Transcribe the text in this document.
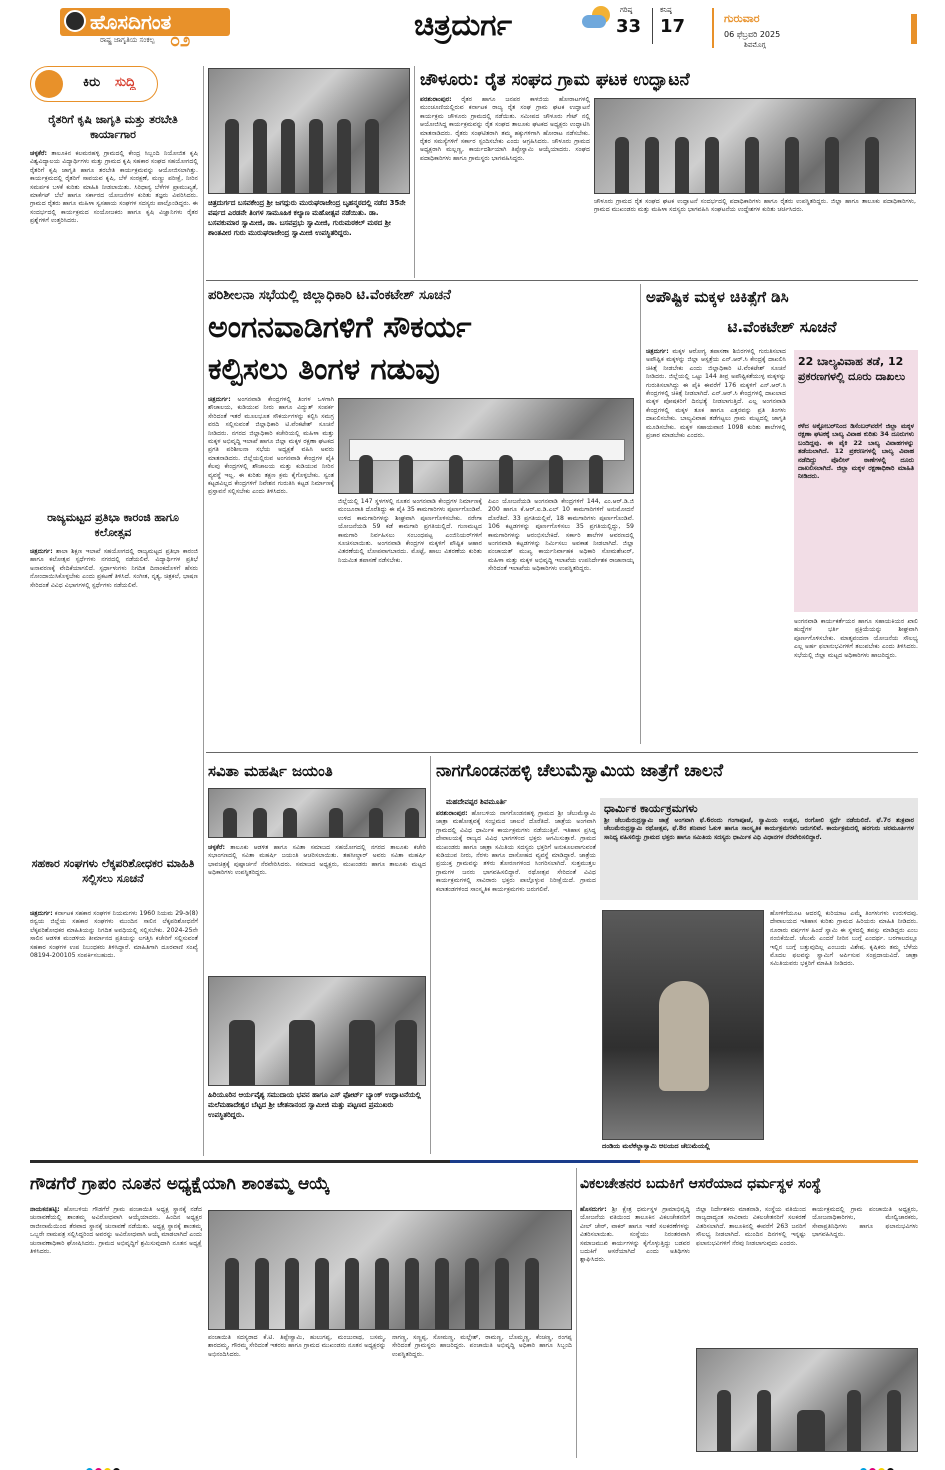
ಹೊಸದಿಗಂತ
ರಾಷ್ಟ್ರ ಜಾಗೃತಿಯ ಸಂಕಲ್ಪ ೦೨	ಚಿತ್ರದುರ್ಗ	ಗರಿಷ್ಠ
33
ಕನಿಷ್ಠ
17	ಗುರುವಾರ
06 ಫೆಬ್ರವರಿ 2025
ಶಿವಮೊಗ್ಗ
ಕಿರು ಸುದ್ದಿ
ರೈತರಿಗೆ ಕೃಷಿ ಜಾಗೃತಿ ಮತ್ತು ತರಬೇತಿ ಕಾರ್ಯಾಗಾರ
ಚಳ್ಳಕೆರೆ: ತಾಲೂಕಿನ ಕಲಮರಹಳ್ಳಿ ಗ್ರಾಮದಲ್ಲಿ ಕೇಂದ್ರ ಸಿಬ್ಬಂದಿ ನಿಯೋಜಿತ ಕೃಷಿ ವಿಶ್ವವಿದ್ಯಾಲಯ ವಿದ್ಯಾರ್ಥಿಗಳು ಮತ್ತು ಗ್ರಾಮದ ಕೃಷಿ ಸಹಕಾರ ಸಂಘದ ಸಹಯೋಗದಲ್ಲಿ ರೈತರಿಗೆ ಕೃಷಿ ಜಾಗೃತಿ ಹಾಗೂ ತರಬೇತಿ ಕಾರ್ಯಕ್ರಮವನ್ನು ಆಯೋಜಿಸಲಾಗಿತ್ತು. ಕಾರ್ಯಕ್ರಮದಲ್ಲಿ ರೈತರಿಗೆ ಸಾವಯವ ಕೃಷಿ, ಬೆಳೆ ಸಂರಕ್ಷಣೆ, ಮಣ್ಣು ಪರೀಕ್ಷೆ, ನೀರಿನ ಸಮರ್ಪಕ ಬಳಕೆ ಕುರಿತು ಮಾಹಿತಿ ನೀಡಲಾಯಿತು. ಸಿರಿಧಾನ್ಯ ಬೆಳೆಗಳ ಪ್ರಾಮುಖ್ಯತೆ, ಮಾರ್ಕೆಟ್ ಬೆಲೆ ಹಾಗೂ ಸರ್ಕಾರದ ಯೋಜನೆಗಳ ಕುರಿತು ತಜ್ಞರು ವಿವರಿಸಿದರು. ಗ್ರಾಮದ ರೈತರು ಹಾಗೂ ಮಹಿಳಾ ಸ್ವಸಹಾಯ ಸಂಘಗಳ ಸದಸ್ಯರು ಪಾಲ್ಗೊಂಡಿದ್ದರು. ಈ ಸಂದರ್ಭದಲ್ಲಿ ಕಾರ್ಯಕ್ರಮದ ಸಂಯೋಜಕರು ಹಾಗೂ ಕೃಷಿ ವಿಜ್ಞಾನಿಗಳು ರೈತರ ಪ್ರಶ್ನೆಗಳಿಗೆ ಉತ್ತರಿಸಿದರು.
ರಾಜ್ಯಮಟ್ಟದ ಪ್ರತಿಭಾ ಕಾರಂಜಿ ಹಾಗೂ ಕಲೋತ್ಸವ
ಚಿತ್ರದುರ್ಗ: ಶಾಲಾ ಶಿಕ್ಷಣ ಇಲಾಖೆ ಸಹಯೋಗದಲ್ಲಿ ರಾಜ್ಯಮಟ್ಟದ ಪ್ರತಿಭಾ ಕಾರಂಜಿ ಹಾಗೂ ಕಲೋತ್ಸವ ಸ್ಪರ್ಧೆಗಳು ನಗರದಲ್ಲಿ ನಡೆಯಲಿವೆ. ವಿದ್ಯಾರ್ಥಿಗಳ ಪ್ರತಿಭೆ ಅನಾವರಣಕ್ಕೆ ವೇದಿಕೆಯಾಗಲಿದೆ. ಸ್ಪರ್ಧಾಳುಗಳು ನಿಗದಿತ ದಿನಾಂಕದೊಳಗೆ ಹೆಸರು ನೋಂದಾಯಿಸಿಕೊಳ್ಳಬೇಕು ಎಂದು ಪ್ರಕಟಣೆ ತಿಳಿಸಿದೆ. ಸಂಗೀತ, ನೃತ್ಯ, ಚಿತ್ರಕಲೆ, ಭಾಷಣ ಸೇರಿದಂತೆ ವಿವಿಧ ವಿಭಾಗಗಳಲ್ಲಿ ಸ್ಪರ್ಧೆಗಳು ನಡೆಯಲಿವೆ.
ಸಹಕಾರ ಸಂಘಗಳು ಲೆಕ್ಕಪರಿಶೋಧಕರ ಮಾಹಿತಿ ಸಲ್ಲಿಸಲು ಸೂಚನೆ
ಚಿತ್ರದುರ್ಗ: ಕರ್ನಾಟಕ ಸಹಕಾರ ಸಂಘಗಳ ನಿಯಮಗಳು 1960 ನಿಯಮ 29-ಡಿ(8) ರನ್ವಯ ಜಿಲ್ಲೆಯ ಸಹಕಾರ ಸಂಘಗಳು ಮುಂದಿನ ಸಾಲಿನ ಲೆಕ್ಕಪರಿಶೋಧನೆಗೆ ಲೆಕ್ಕಪರಿಶೋಧಕರ ಮಾಹಿತಿಯನ್ನು ನಿಗದಿತ ಅವಧಿಯಲ್ಲಿ ಸಲ್ಲಿಸಬೇಕು. 2024-25ನೇ ಸಾಲಿನ ಆಡಳಿತ ಮಂಡಳಿಯ ತೀರ್ಮಾನದ ಪ್ರತಿಯನ್ನು ಲಗತ್ತಿಸಿ ಕಚೇರಿಗೆ ಸಲ್ಲಿಸುವಂತೆ ಸಹಕಾರ ಸಂಘಗಳ ಉಪ ನಿಬಂಧಕರು ತಿಳಿಸಿದ್ದಾರೆ. ಮಾಹಿತಿಗಾಗಿ ದೂರವಾಣಿ ಸಂಖ್ಯೆ 08194-200105 ಸಂಪರ್ಕಿಸಬಹುದು.
ಚಿತ್ರದುರ್ಗದ ಬಸವಕೇಂದ್ರ ಶ್ರೀ ಜಗದ್ಗುರು ಮುರುಘರಾಜೇಂದ್ರ ಬೃಹನ್ಮಠದಲ್ಲಿ ನಡೆದ 35ನೇ ವರ್ಷದ ಎರಡನೇ ತಿಂಗಳ ಸಾಮೂಹಿಕ ಕಲ್ಯಾಣ ಮಹೋತ್ಸವ ನಡೆಯಿತು. ಡಾ. ಬಸವಕುಮಾರ ಸ್ವಾಮೀಜಿ, ಡಾ. ಬಸವಪ್ರಭು ಸ್ವಾಮೀಜಿ, ಗುರುಮಠಕಲ್ ಮಠದ ಶ್ರೀ ಶಾಂತವೀರ ಗುರು ಮುರುಘರಾಜೇಂದ್ರ ಸ್ವಾಮೀಜಿ ಉಪಸ್ಥಿತರಿದ್ದರು.
ಚೌಳೂರು: ರೈತ ಸಂಘದ ಗ್ರಾಮ ಘಟಕ ಉದ್ಘಾಟನೆ
ಪರಶುರಾಂಪುರ: ರೈತರ ಹಾಗೂ ಜನಪರ ಕಾಳಜಿಯ ಹೋರಾಟಗಳಲ್ಲಿ ಮುಂಚೂಣಿಯಲ್ಲಿರುವ ಕರ್ನಾಟಕ ರಾಜ್ಯ ರೈತ ಸಂಘ ಗ್ರಾಮ ಘಟಕ ಉದ್ಘಾಟನೆ ಕಾರ್ಯಕ್ರಮ ಚೌಳೂರು ಗ್ರಾಮದಲ್ಲಿ ನಡೆಯಿತು. ಸಮೀಪದ ಚೌಳೂರು ಗೇಟ್ ನಲ್ಲಿ ಆಯೋಜಿಸಿದ್ದ ಕಾರ್ಯಕ್ರಮವನ್ನು ರೈತ ಸಂಘದ ತಾಲೂಕು ಘಟಕದ ಅಧ್ಯಕ್ಷರು ಉದ್ಘಾಟಿಸಿ ಮಾತನಾಡಿದರು. ರೈತರು ಸಂಘಟಿತರಾಗಿ ತಮ್ಮ ಹಕ್ಕುಗಳಿಗಾಗಿ ಹೋರಾಟ ನಡೆಸಬೇಕು. ರೈತರ ಸಮಸ್ಯೆಗಳಿಗೆ ಸರ್ಕಾರ ಸ್ಪಂದಿಸಬೇಕು ಎಂದು ಆಗ್ರಹಿಸಿದರು. ಚೌಳೂರು ಗ್ರಾಮದ ಅಧ್ಯಕ್ಷರಾಗಿ ಮಲ್ಲಣ್ಣ, ಕಾರ್ಯದರ್ಶಿಯಾಗಿ ತಿಪ್ಪೇಸ್ವಾಮಿ ಆಯ್ಕೆಯಾದರು. ಸಂಘದ ಪದಾಧಿಕಾರಿಗಳು ಹಾಗೂ ಗ್ರಾಮಸ್ಥರು ಭಾಗವಹಿಸಿದ್ದರು.
ಚೌಳೂರು ಗ್ರಾಮದ ರೈತ ಸಂಘದ ಘಟಕ ಉದ್ಘಾಟನೆ ಸಂದರ್ಭದಲ್ಲಿ ಪದಾಧಿಕಾರಿಗಳು ಹಾಗೂ ರೈತರು ಉಪಸ್ಥಿತರಿದ್ದರು. ಜಿಲ್ಲಾ ಹಾಗೂ ತಾಲೂಕು ಪದಾಧಿಕಾರಿಗಳು, ಗ್ರಾಮದ ಮುಖಂಡರು ಮತ್ತು ಮಹಿಳಾ ಸದಸ್ಯರು ಭಾಗವಹಿಸಿ ಸಂಘಟನೆಯ ಉದ್ದೇಶಗಳ ಕುರಿತು ಚರ್ಚಿಸಿದರು.
ಪರಿಶೀಲನಾ ಸಭೆಯಲ್ಲಿ ಜಿಲ್ಲಾಧಿಕಾರಿ ಟಿ.ವೆಂಕಟೇಶ್ ಸೂಚನೆ
ಅಂಗನವಾಡಿಗಳಿಗೆ ಸೌಕರ್ಯ
ಕಲ್ಪಿಸಲು ತಿಂಗಳ ಗಡುವು
ಚಿತ್ರದುರ್ಗ: ಅಂಗನವಾಡಿ ಕೇಂದ್ರಗಳಲ್ಲಿ ತಿಂಗಳ ಒಳಗಾಗಿ ಶೌಚಾಲಯ, ಕುಡಿಯುವ ನೀರು ಹಾಗೂ ವಿದ್ಯುತ್ ಸಂಪರ್ಕ ಸೇರಿದಂತೆ ಇತರೆ ಮೂಲಭೂತ ಸೌಕರ್ಯಗಳನ್ನು ಕಲ್ಪಿಸಿ ಸಮಗ್ರ ವರದಿ ಸಲ್ಲಿಸುವಂತೆ ಜಿಲ್ಲಾಧಿಕಾರಿ ಟಿ.ವೆಂಕಟೇಶ್ ಸೂಚನೆ ನೀಡಿದರು. ನಗರದ ಜಿಲ್ಲಾಧಿಕಾರಿ ಕಚೇರಿಯಲ್ಲಿ ಮಹಿಳಾ ಮತ್ತು ಮಕ್ಕಳ ಅಭಿವೃದ್ಧಿ ಇಲಾಖೆ ಹಾಗೂ ಜಿಲ್ಲಾ ಮಕ್ಕಳ ರಕ್ಷಣಾ ಘಟಕದ ಪ್ರಗತಿ ಪರಿಶೀಲನಾ ಸಭೆಯ ಅಧ್ಯಕ್ಷತೆ ವಹಿಸಿ ಅವರು ಮಾತನಾಡಿದರು. ಜಿಲ್ಲೆಯಲ್ಲಿರುವ ಅಂಗನವಾಡಿ ಕೇಂದ್ರಗಳ ಪೈಕಿ ಕೆಲವು ಕೇಂದ್ರಗಳಲ್ಲಿ ಶೌಚಾಲಯ ಮತ್ತು ಕುಡಿಯುವ ನೀರಿನ ವ್ಯವಸ್ಥೆ ಇಲ್ಲ. ಈ ಕುರಿತು ತಕ್ಷಣ ಕ್ರಮ ಕೈಗೊಳ್ಳಬೇಕು. ಸ್ವಂತ ಕಟ್ಟಡವಿಲ್ಲದ ಕೇಂದ್ರಗಳಿಗೆ ನಿವೇಶನ ಗುರುತಿಸಿ ಕಟ್ಟಡ ನಿರ್ಮಾಣಕ್ಕೆ ಪ್ರಸ್ತಾವನೆ ಸಲ್ಲಿಸಬೇಕು ಎಂದು ತಿಳಿಸಿದರು.
ಜಿಲ್ಲೆಯಲ್ಲಿ 147 ಸ್ಥಳಗಳಲ್ಲಿ ನೂತನ ಅಂಗನವಾಡಿ ಕೇಂದ್ರಗಳ ನಿರ್ಮಾಣಕ್ಕೆ ಮಂಜೂರಾತಿ ದೊರೆತಿದ್ದು ಈ ಪೈಕಿ 35 ಕಾಮಗಾರಿಗಳು ಪೂರ್ಣಗೊಂಡಿವೆ. ಉಳಿದ ಕಾಮಗಾರಿಗಳನ್ನು ಶೀಘ್ರವಾಗಿ ಪೂರ್ಣಗೊಳಿಸಬೇಕು. ನರೇಗಾ ಯೋಜನೆಯಡಿ 59 ಕಡೆ ಕಾಮಗಾರಿ ಪ್ರಗತಿಯಲ್ಲಿದೆ. ಗುಣಮಟ್ಟದ ಕಾಮಗಾರಿ ನಿರ್ವಹಿಸಲು ಸಂಬಂಧಪಟ್ಟ ಎಂಜಿನಿಯರ್‌ಗಳಿಗೆ ಸೂಚಿಸಲಾಯಿತು. ಅಂಗನವಾಡಿ ಕೇಂದ್ರಗಳ ಮಕ್ಕಳಿಗೆ ಪೌಷ್ಟಿಕ ಆಹಾರ ವಿತರಣೆಯಲ್ಲಿ ಲೋಪವಾಗಬಾರದು. ಮೊಟ್ಟೆ, ಹಾಲು ವಿತರಣೆಯ ಕುರಿತು ನಿಯಮಿತ ತಪಾಸಣೆ ನಡೆಸಬೇಕು.
ಪಿಎಂ ಯೋಜನೆಯಡಿ ಅಂಗನವಾಡಿ ಕೇಂದ್ರಗಳಿಗೆ 144, ಎಂ.ಆರ್.ಡಿ.ಜಿ 200 ಹಾಗೂ ಕೆ.ಆರ್.ಐ.ಡಿ.ಎಲ್ 10 ಕಾಮಗಾರಿಗಳಿಗೆ ಅನುಮೋದನೆ ದೊರೆತಿದೆ. 33 ಪ್ರಗತಿಯಲ್ಲಿವೆ, 18 ಕಾಮಗಾರಿಗಳು ಪೂರ್ಣಗೊಂಡಿವೆ. 106 ಕಟ್ಟಡಗಳನ್ನು ಪೂರ್ಣಗೊಳಿಸಲು 35 ಪ್ರಗತಿಯಲ್ಲಿದ್ದು, 59 ಕಾಮಗಾರಿಗಳನ್ನು ಆರಂಭಿಸಬೇಕಿದೆ. ಸರ್ಕಾರಿ ಶಾಲೆಗಳ ಆವರಣದಲ್ಲಿ ಅಂಗನವಾಡಿ ಕಟ್ಟಡಗಳನ್ನು ನಿರ್ಮಿಸಲು ಅವಕಾಶ ನೀಡಲಾಗಿದೆ. ಜಿಲ್ಲಾ ಪಂಚಾಯತ್ ಮುಖ್ಯ ಕಾರ್ಯನಿರ್ವಾಹಕ ಅಧಿಕಾರಿ ಸೋಮಶೇಖರ್, ಮಹಿಳಾ ಮತ್ತು ಮಕ್ಕಳ ಅಭಿವೃದ್ಧಿ ಇಲಾಖೆಯ ಉಪನಿರ್ದೇಶಕ ರಾಜಾನಾಯ್ಕ ಸೇರಿದಂತೆ ಇಲಾಖೆಯ ಅಧಿಕಾರಿಗಳು ಉಪಸ್ಥಿತರಿದ್ದರು.
ಅಪೌಷ್ಟಿಕ ಮಕ್ಕಳ ಚಿಕಿತ್ಸೆಗೆ ಡಿಸಿ
ಟಿ.ವೆಂಕಟೇಶ್ ಸೂಚನೆ
ಚಿತ್ರದುರ್ಗ: ಮಕ್ಕಳ ಆರೋಗ್ಯ ತಪಾಸಣಾ ಶಿಬಿರಗಳಲ್ಲಿ ಗುರುತಿಸಲಾದ ಅಪೌಷ್ಟಿಕ ಮಕ್ಕಳನ್ನು ಜಿಲ್ಲಾ ಆಸ್ಪತ್ರೆಯ ಎನ್.ಆರ್.ಸಿ ಕೇಂದ್ರಕ್ಕೆ ದಾಖಲಿಸಿ ಚಿಕಿತ್ಸೆ ನೀಡಬೇಕು ಎಂದು ಜಿಲ್ಲಾಧಿಕಾರಿ ಟಿ.ವೆಂಕಟೇಶ್ ಸೂಚನೆ ನೀಡಿದರು. ಜಿಲ್ಲೆಯಲ್ಲಿ ಒಟ್ಟು 144 ತೀವ್ರ ಅಪೌಷ್ಟಿಕತೆಯುಳ್ಳ ಮಕ್ಕಳನ್ನು ಗುರುತಿಸಲಾಗಿದ್ದು ಈ ಪೈಕಿ ಈವರೆಗೆ 176 ಮಕ್ಕಳಿಗೆ ಎನ್.ಆರ್.ಸಿ ಕೇಂದ್ರಗಳಲ್ಲಿ ಚಿಕಿತ್ಸೆ ನೀಡಲಾಗಿದೆ. ಎನ್.ಆರ್.ಸಿ ಕೇಂದ್ರಗಳಲ್ಲಿ ದಾಖಲಾದ ಮಕ್ಕಳ ಪೋಷಕರಿಗೆ ದಿನಭತ್ಯೆ ನೀಡಲಾಗುತ್ತಿದೆ. ಎಲ್ಲ ಅಂಗನವಾಡಿ ಕೇಂದ್ರಗಳಲ್ಲಿ ಮಕ್ಕಳ ತೂಕ ಹಾಗೂ ಎತ್ತರವನ್ನು ಪ್ರತಿ ತಿಂಗಳು ದಾಖಲಿಸಬೇಕು. ಬಾಲ್ಯವಿವಾಹ ತಡೆಗಟ್ಟಲು ಗ್ರಾಮ ಮಟ್ಟದಲ್ಲಿ ಜಾಗೃತಿ ಮೂಡಿಸಬೇಕು. ಮಕ್ಕಳ ಸಹಾಯವಾಣಿ 1098 ಕುರಿತು ಶಾಲೆಗಳಲ್ಲಿ ಪ್ರಚಾರ ಮಾಡಬೇಕು ಎಂದರು.
22 ಬಾಲ್ಯವಿವಾಹ ತಡೆ, 12 ಪ್ರಕರಣಗಳಲ್ಲಿ ದೂರು ದಾಖಲು
ಕಳೆದ ಅಕ್ಟೋಬರ್‌ನಿಂದ ಡಿಸೆಂಬರ್‌ವರೆಗೆ ಜಿಲ್ಲಾ ಮಕ್ಕಳ ರಕ್ಷಣಾ ಘಟಕಕ್ಕೆ ಬಾಲ್ಯ ವಿವಾಹ ಕುರಿತು 34 ದೂರುಗಳು ಬಂದಿದ್ದವು. ಈ ಪೈಕಿ 22 ಬಾಲ್ಯ ವಿವಾಹಗಳನ್ನು ತಡೆಯಲಾಗಿದೆ. 12 ಪ್ರಕರಣಗಳಲ್ಲಿ ಬಾಲ್ಯ ವಿವಾಹ ನಡೆದಿದ್ದು ಪೊಲೀಸ್ ಠಾಣೆಗಳಲ್ಲಿ ದೂರು ದಾಖಲಿಸಲಾಗಿದೆ. ಜಿಲ್ಲಾ ಮಕ್ಕಳ ರಕ್ಷಣಾಧಿಕಾರಿ ಮಾಹಿತಿ ನೀಡಿದರು.
ಅಂಗನವಾಡಿ ಕಾರ್ಯಕರ್ತೆಯರ ಹಾಗೂ ಸಹಾಯಕಿಯರ ಖಾಲಿ ಹುದ್ದೆಗಳ ಭರ್ತಿ ಪ್ರಕ್ರಿಯೆಯನ್ನು ಶೀಘ್ರವಾಗಿ ಪೂರ್ಣಗೊಳಿಸಬೇಕು. ಮಾತೃವಂದನಾ ಯೋಜನೆಯ ಸೌಲಭ್ಯ ಎಲ್ಲ ಅರ್ಹ ಫಲಾನುಭವಿಗಳಿಗೆ ತಲುಪಬೇಕು ಎಂದು ತಿಳಿಸಿದರು. ಸಭೆಯಲ್ಲಿ ಜಿಲ್ಲಾ ಮಟ್ಟದ ಅಧಿಕಾರಿಗಳು ಹಾಜರಿದ್ದರು.
ಸವಿತಾ ಮಹರ್ಷಿ ಜಯಂತಿ
ಚಳ್ಳಕೆರೆ: ತಾಲೂಕು ಆಡಳಿತ ಹಾಗೂ ಸವಿತಾ ಸಮಾಜದ ಸಹಯೋಗದಲ್ಲಿ ನಗರದ ತಾಲೂಕು ಕಚೇರಿ ಸಭಾಂಗಣದಲ್ಲಿ ಸವಿತಾ ಮಹರ್ಷಿ ಜಯಂತಿ ಆಚರಿಸಲಾಯಿತು. ತಹಸೀಲ್ದಾರ್ ಅವರು ಸವಿತಾ ಮಹರ್ಷಿ ಭಾವಚಿತ್ರಕ್ಕೆ ಪುಷ್ಪಾರ್ಚನೆ ನೆರವೇರಿಸಿದರು. ಸಮಾಜದ ಅಧ್ಯಕ್ಷರು, ಮುಖಂಡರು ಹಾಗೂ ತಾಲೂಕು ಮಟ್ಟದ ಅಧಿಕಾರಿಗಳು ಉಪಸ್ಥಿತರಿದ್ದರು.
ಹಿರಿಯೂರಿನ ಆರ್ಯವೈಶ್ಯ ಸಮುದಾಯ ಭವನ ಹಾಗೂ ಎಸ್ ಫೋರ್ಟ್ ಬ್ಯಾಂಕ್ ಉದ್ಘಾಟನೆಯಲ್ಲಿ ಮಲೆಮಹಾದೇಶ್ವರ ಬೆಟ್ಟದ ಶ್ರೀ ಚೇತನಾನಂದ ಸ್ವಾಮೀಜಿ ಮತ್ತು ಪಟ್ಟಣದ ಪ್ರಮುಖರು ಉಪಸ್ಥಿತರಿದ್ದರು.
ನಾಗಗೊಂಡನಹಳ್ಳಿ ಚೆಲುಮೆಸ್ವಾಮಿಯ ಜಾತ್ರೆಗೆ ಚಾಲನೆ
ಮಹದೇವಪ್ಪರ ಶಿವಮೂರ್ತಿ
ಪರಶುರಾಂಪುರ: ಹೋಬಳಿಯ ನಾಗಗೊಂಡನಹಳ್ಳಿ ಗ್ರಾಮದ ಶ್ರೀ ಚೆಲುಮೆಸ್ವಾಮಿ ಜಾತ್ರಾ ಮಹೋತ್ಸವಕ್ಕೆ ಸಂಭ್ರಮದ ಚಾಲನೆ ದೊರೆತಿದೆ. ಜಾತ್ರೆಯ ಅಂಗವಾಗಿ ಗ್ರಾಮದಲ್ಲಿ ವಿವಿಧ ಧಾರ್ಮಿಕ ಕಾರ್ಯಕ್ರಮಗಳು ನಡೆಯುತ್ತಿವೆ. ಇತಿಹಾಸ ಪ್ರಸಿದ್ಧ ದೇವಾಲಯಕ್ಕೆ ರಾಜ್ಯದ ವಿವಿಧ ಭಾಗಗಳಿಂದ ಭಕ್ತರು ಆಗಮಿಸುತ್ತಾರೆ. ಗ್ರಾಮದ ಮುಖಂಡರು ಹಾಗೂ ಜಾತ್ರಾ ಸಮಿತಿಯ ಸದಸ್ಯರು ಭಕ್ತರಿಗೆ ಅನುಕೂಲವಾಗುವಂತೆ ಕುಡಿಯುವ ನೀರು, ನೆರಳು ಹಾಗೂ ದಾಸೋಹದ ವ್ಯವಸ್ಥೆ ಮಾಡಿದ್ದಾರೆ. ಜಾತ್ರೆಯ ಪ್ರಯುಕ್ತ ಗ್ರಾಮವನ್ನು ತಳಿರು ತೋರಣಗಳಿಂದ ಸಿಂಗರಿಸಲಾಗಿದೆ. ಸುತ್ತಮುತ್ತಲ ಗ್ರಾಮಗಳ ಜನರು ಭಾಗವಹಿಸಲಿದ್ದಾರೆ. ರಥೋತ್ಸವ ಸೇರಿದಂತೆ ವಿವಿಧ ಕಾರ್ಯಕ್ರಮಗಳಲ್ಲಿ ಸಾವಿರಾರು ಭಕ್ತರು ಪಾಲ್ಗೊಳ್ಳುವ ನಿರೀಕ್ಷೆಯಿದೆ. ಗ್ರಾಮದ ಕಲಾತಂಡಗಳಿಂದ ಸಾಂಸ್ಕೃತಿಕ ಕಾರ್ಯಕ್ರಮಗಳು ಜರುಗಲಿವೆ.
ಧಾರ್ಮಿಕ ಕಾರ್ಯಕ್ರಮಗಳು
ಶ್ರೀ ಚೆಲುಮೆರುದ್ರಸ್ವಾಮಿ ಜಾತ್ರೆ ಅಂಗವಾಗಿ ಫೆ.6ರಂದು ಗಂಗಾಪೂಜೆ, ಸ್ವಾಮಿಯ ಉತ್ಸವ, ರಂಗೋಲಿ ಸ್ಪರ್ಧೆ ನಡೆಯಲಿದೆ. ಫೆ.7ರ ಶುಕ್ರವಾರ ಚೆಲುಮೆರುದ್ರಸ್ವಾಮಿ ರಥೋತ್ಸವ, ಫೆ.8ರ ಶನಿವಾರ ಓಕುಳಿ ಹಾಗೂ ಸಾಂಸ್ಕೃತಿಕ ಕಾರ್ಯಕ್ರಮಗಳು ಜರುಗಲಿವೆ. ಕಾರ್ಯಕ್ರಮದಲ್ಲಿ ಹರಗುರು ಚರಮೂರ್ತಿಗಳ ಸಾನಿಧ್ಯ ವಹಿಸಲಿದ್ದು ಗ್ರಾಮದ ಭಕ್ತರು ಹಾಗೂ ಸಮಿತಿಯ ಸದಸ್ಯರು ಧಾರ್ಮಿಕ ವಿಧಿ ವಿಧಾನಗಳ ನೆರವೇರಿಸಲಿದ್ದಾರೆ.
ದಂಡಿಯ ಮಲೆಕೆಲ್ಲಾಸ್ವಾಮಿ ಆಲಯದ ಚೆಲುಮೆಯಲ್ಲಿ
ಹೋಳಿಗೆಯೂಟ ಆದರಲ್ಲಿ ಕುರಿಯಾಟ ಎಮ್ಮೆ ತಿಂಗಳುಗಳು ಉರುಳಿದವು. ದೇವಾಲಯದ ಇತಿಹಾಸ ಕುರಿತು ಗ್ರಾಮದ ಹಿರಿಯರು ಮಾಹಿತಿ ನೀಡಿದರು. ನೂರಾರು ವರ್ಷಗಳ ಹಿಂದೆ ಸ್ವಾಮಿ ಈ ಸ್ಥಳದಲ್ಲಿ ತಪಸ್ಸು ಮಾಡಿದ್ದರು ಎಂಬ ನಂಬಿಕೆಯಿದೆ. ಚೆಲುಮೆ ಎಂದರೆ ನೀರಿನ ಬುಗ್ಗೆ ಎಂದರ್ಥ. ಬರಗಾಲದಲ್ಲೂ ಇಲ್ಲಿನ ಬುಗ್ಗೆ ಬತ್ತುವುದಿಲ್ಲ ಎಂಬುದು ವಿಶೇಷ. ಕೃಷಿಕರು ತಮ್ಮ ಬೆಳೆಯ ಮೊದಲ ಫಲವನ್ನು ಸ್ವಾಮಿಗೆ ಅರ್ಪಿಸುವ ಸಂಪ್ರದಾಯವಿದೆ. ಜಾತ್ರಾ ಸಮಿತಿಯವರು ಭಕ್ತರಿಗೆ ಮಾಹಿತಿ ನೀಡಿದರು.
ಗೌಡಗೆರೆ ಗ್ರಾಪಂ ನೂತನ ಅಧ್ಯಕ್ಷೆಯಾಗಿ ಶಾಂತಮ್ಮ ಆಯ್ಕೆ
ನಾಯಕನಹಟ್ಟಿ: ಹೋಬಳಿಯ ಗೌಡಗೆರೆ ಗ್ರಾಮ ಪಂಚಾಯಿತಿ ಅಧ್ಯಕ್ಷ ಸ್ಥಾನಕ್ಕೆ ನಡೆದ ಚುನಾವಣೆಯಲ್ಲಿ ಶಾಂತಮ್ಮ ಅವಿರೋಧವಾಗಿ ಆಯ್ಕೆಯಾದರು. ಹಿಂದಿನ ಅಧ್ಯಕ್ಷರ ರಾಜೀನಾಮೆಯಿಂದ ತೆರವಾದ ಸ್ಥಾನಕ್ಕೆ ಚುನಾವಣೆ ನಡೆಯಿತು. ಅಧ್ಯಕ್ಷ ಸ್ಥಾನಕ್ಕೆ ಶಾಂತಮ್ಮ ಒಬ್ಬರೇ ನಾಮಪತ್ರ ಸಲ್ಲಿಸಿದ್ದರಿಂದ ಅವರನ್ನು ಅವಿರೋಧವಾಗಿ ಆಯ್ಕೆ ಮಾಡಲಾಗಿದೆ ಎಂದು ಚುನಾವಣಾಧಿಕಾರಿ ಘೋಷಿಸಿದರು. ಗ್ರಾಮದ ಅಭಿವೃದ್ಧಿಗೆ ಶ್ರಮಿಸುವುದಾಗಿ ನೂತನ ಅಧ್ಯಕ್ಷೆ ತಿಳಿಸಿದರು.
ಪಂಚಾಯಿತಿ ಸದಸ್ಯರಾದ ಕೆ.ಟಿ. ತಿಪ್ಪೇಸ್ವಾಮಿ, ಹುಲುಗಪ್ಪ, ಮಂಜುನಾಥ, ಬಸಮ್ಮ, ಶಾರದಮ್ಮ, ಗೌರಮ್ಮ ಸೇರಿದಂತೆ ಇತರರು ಹಾಗೂ ಗ್ರಾಮದ ಮುಖಂಡರು ನೂತನ ಅಧ್ಯಕ್ಷರನ್ನು ಅಭಿನಂದಿಸಿದರು.
ನಾಗಣ್ಣ, ಸಣ್ಣಪ್ಪ, ಸೋಮಣ್ಣ, ಮಲ್ಲೇಶ್, ರಾಮಣ್ಣ, ಬೊಮ್ಮಣ್ಣ, ಕೆಂಚಣ್ಣ, ರಂಗಪ್ಪ ಸೇರಿದಂತೆ ಗ್ರಾಮಸ್ಥರು ಹಾಜರಿದ್ದರು. ಪಂಚಾಯಿತಿ ಅಭಿವೃದ್ಧಿ ಅಧಿಕಾರಿ ಹಾಗೂ ಸಿಬ್ಬಂದಿ ಉಪಸ್ಥಿತರಿದ್ದರು.
ವಿಕಲಚೇತನರ ಬದುಕಿಗೆ ಆಸರೆಯಾದ ಧರ್ಮಸ್ಥಳ ಸಂಸ್ಥೆ
ಹೊಸದುರ್ಗ: ಶ್ರೀ ಕ್ಷೇತ್ರ ಧರ್ಮಸ್ಥಳ ಗ್ರಾಮಾಭಿವೃದ್ಧಿ ಯೋಜನೆಯ ವತಿಯಿಂದ ತಾಲೂಕಿನ ವಿಕಲಚೇತನರಿಗೆ ವೀಲ್ ಚೇರ್, ವಾಕರ್ ಹಾಗೂ ಇತರೆ ಸಲಕರಣೆಗಳನ್ನು ವಿತರಿಸಲಾಯಿತು. ಸಂಸ್ಥೆಯು ನಿರಂತರವಾಗಿ ಸಮಾಜಮುಖಿ ಕಾರ್ಯಗಳನ್ನು ಕೈಗೊಳ್ಳುತ್ತಿದ್ದು ಬಡವರ ಬದುಕಿಗೆ ಆಸರೆಯಾಗಿದೆ ಎಂದು ಅತಿಥಿಗಳು ಶ್ಲಾಘಿಸಿದರು.
ಜಿಲ್ಲಾ ನಿರ್ದೇಶಕರು ಮಾತನಾಡಿ, ಸಂಸ್ಥೆಯ ವತಿಯಿಂದ ರಾಜ್ಯದಾದ್ಯಂತ ಸಾವಿರಾರು ವಿಕಲಚೇತನರಿಗೆ ಸಲಕರಣೆ ವಿತರಿಸಲಾಗಿದೆ. ತಾಲೂಕಿನಲ್ಲಿ ಈವರೆಗೆ 263 ಜನರಿಗೆ ಸೌಲಭ್ಯ ನೀಡಲಾಗಿದೆ. ಮುಂದಿನ ದಿನಗಳಲ್ಲಿ ಇನ್ನಷ್ಟು ಫಲಾನುಭವಿಗಳಿಗೆ ನೆರವು ನೀಡಲಾಗುವುದು ಎಂದರು.
ಕಾರ್ಯಕ್ರಮದಲ್ಲಿ ಗ್ರಾಮ ಪಂಚಾಯಿತಿ ಅಧ್ಯಕ್ಷರು, ಯೋಜನಾಧಿಕಾರಿಗಳು, ಮೇಲ್ವಿಚಾರಕರು, ಸೇವಾಪ್ರತಿನಿಧಿಗಳು ಹಾಗೂ ಫಲಾನುಭವಿಗಳು ಭಾಗವಹಿಸಿದ್ದರು.
